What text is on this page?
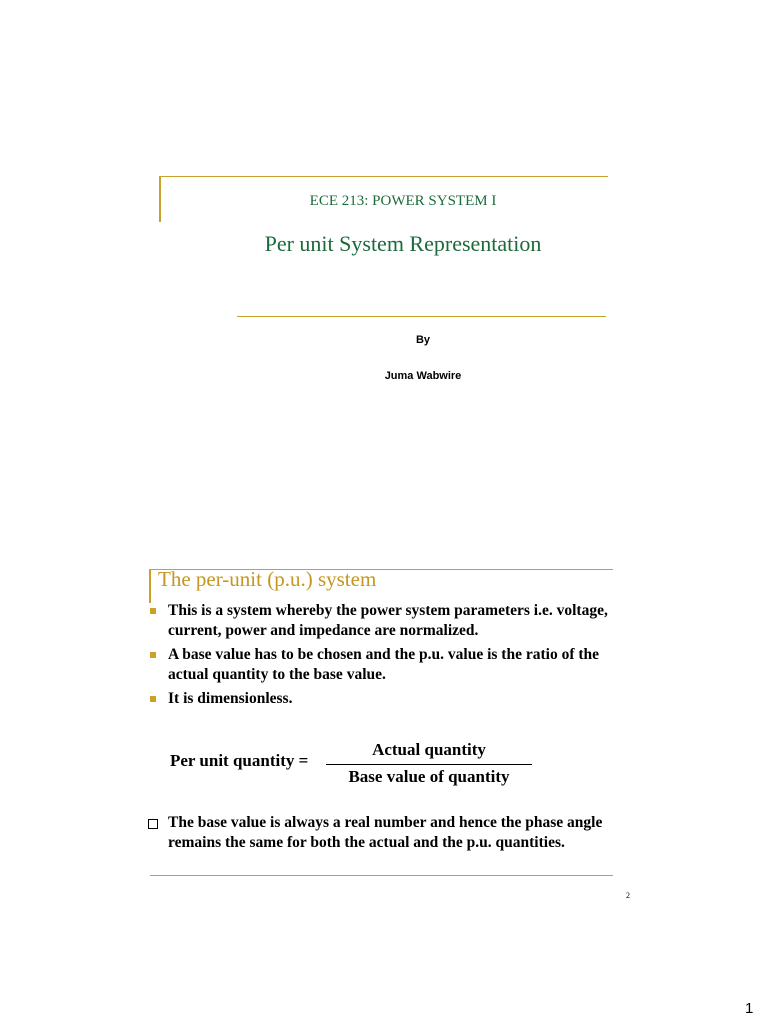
ECE 213: POWER SYSTEM I
Per unit System Representation
By
Juma Wabwire
The per-unit (p.u.) system
This is a system whereby the power system parameters i.e. voltage, current, power and impedance are normalized.
A base value has to be chosen and the p.u. value is the ratio of the actual quantity to the base value.
It is dimensionless.
Per unit quantity =
Actual quantity
Base value of quantity
The base value is always a real number and hence the phase angle remains the same for both the actual and the p.u. quantities.
2
1
